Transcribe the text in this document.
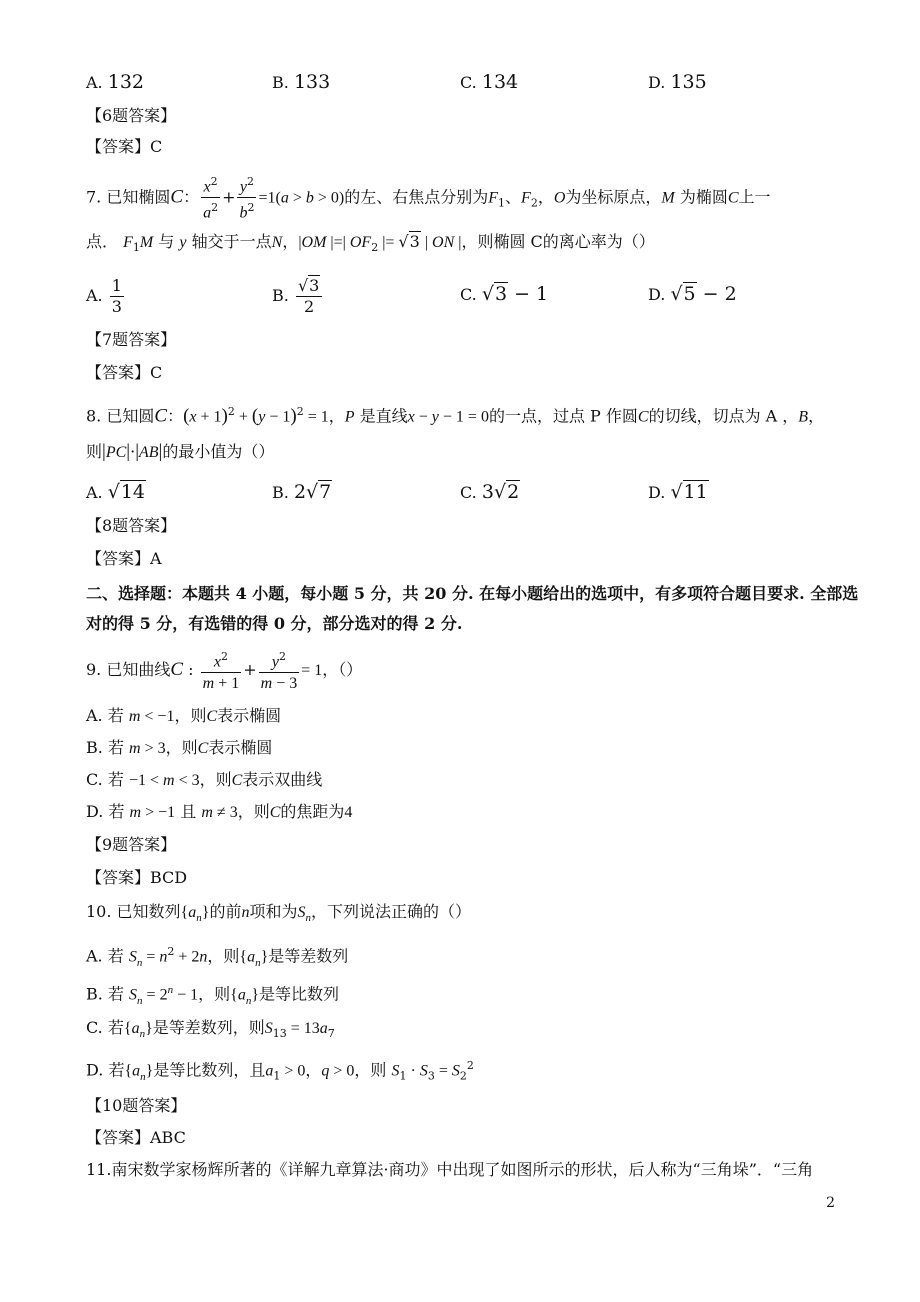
A. 132	B. 133	C. 134	D. 135
【6题答案】
【答案】C
7. 已知椭圆C： $\frac{x^2}{a^2} + \frac{y^2}{b^2} =1(a > b > 0)$的左、右焦点分别为$F_1$、$F_2$，O为坐标原点，M 为椭圆C上一
点． $F_1M$ 与 y 轴交于一点N，|OM |=| $OF_2$ |= √3 | ON |，则椭圆 C的离心率为（）
A. $\frac{1}{3}$	B. $\frac{√3}{2}$	C. √3 − 1	D. √5 − 2
【7题答案】
【答案】C
8. 已知圆C：$(x + 1)^2 + (y - 1)^2 = 1$，P 是直线x − y − 1 = 0的一点，过点 P 作圆C的切线，切点为 A ，B，
则|PC|·|AB|的最小值为（）
A. √14	B. 2√7	C. 3√2	D. √11
【8题答案】
【答案】A
二、选择题：本题共 4 小题，每小题 5 分，共 20 分. 在每小题给出的选项中，有多项符合题目要求. 全部选
对的得 5 分，有选错的得 0 分，部分选对的得 2 分.
9. 已知曲线C : $\frac{x^2}{m + 1} + \frac{y^2}{m - 3} = 1$，（）
A. 若 m < −1，则C表示椭圆
B. 若 m > 3，则C表示椭圆
C. 若 −1 < m < 3，则C表示双曲线
D. 若 m > −1 且 m ≠ 3，则C的焦距为4
【9题答案】
【答案】BCD
10. 已知数列$\{a_n\}$的前n项和为$S_n$，下列说法正确的（）
A. 若 $S_n = n^2 + 2n$，则$\{a_n\}$是等差数列
B. 若 $S_n = 2^n - 1$，则$\{a_n\}$是等比数列
C. 若$\{a_n\}$是等差数列，则$S_{13} = 13a_7$
D. 若$\{a_n\}$是等比数列，且$a_1 > 0$，q > 0，则 $S_1 \cdot S_3 = S_2^2$
【10题答案】
【答案】ABC
11.南宋数学家杨辉所著的《详解九章算法·商功》中出现了如图所示的形状，后人称为“三角垛”．“三角
2
